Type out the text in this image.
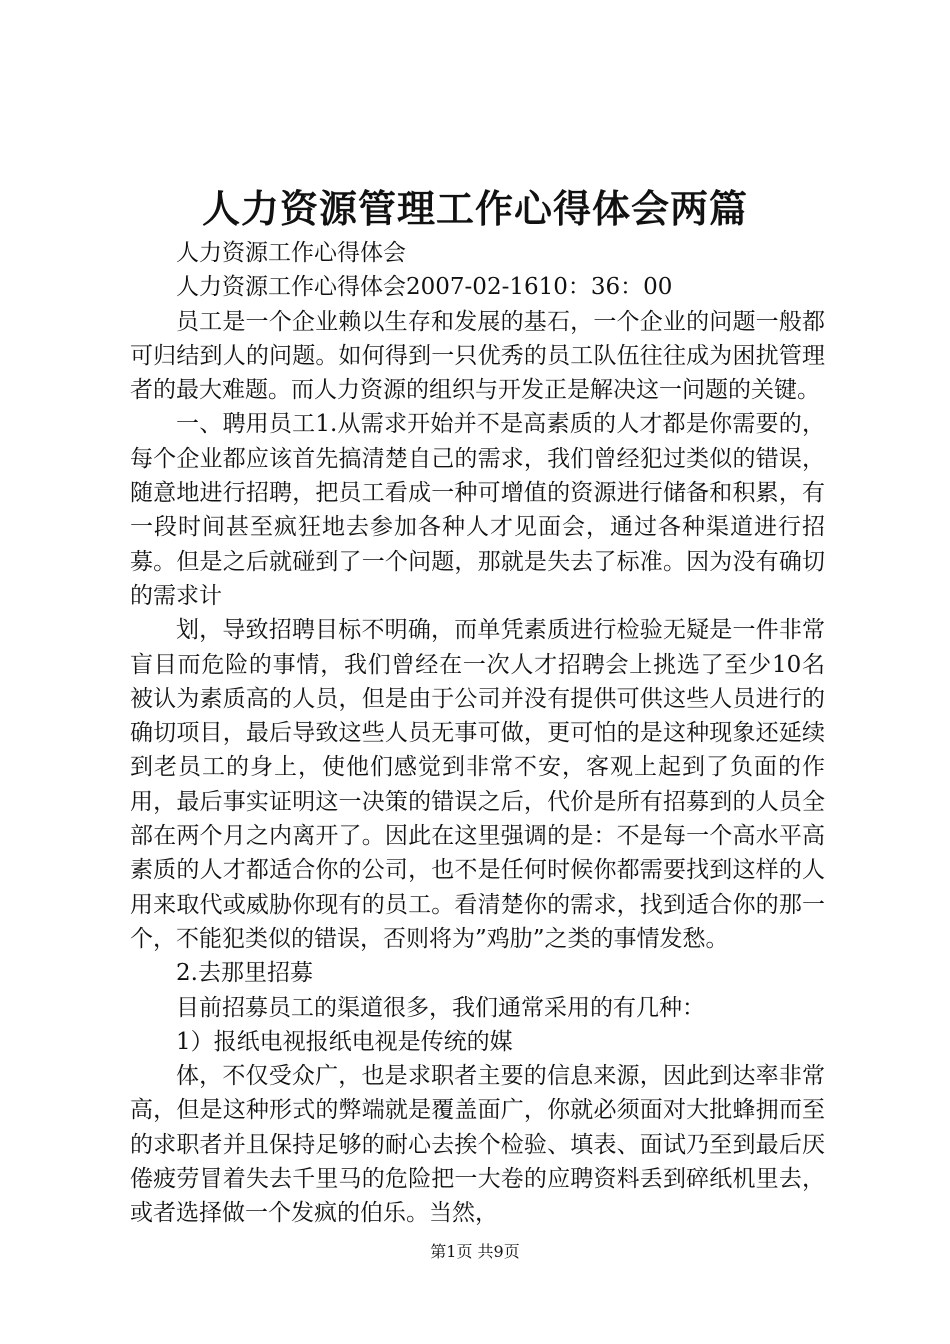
人力资源管理工作心得体会两篇

人力资源工作心得体会

人力资源工作心得体会2007-02-1610：36：00

员工是一个企业赖以生存和发展的基石，一个企业的问题一般都可归结到人的问题。如何得到一只优秀的员工队伍往往成为困扰管理者的最大难题。而人力资源的组织与开发正是解决这一问题的关键。

一、聘用员工1.从需求开始并不是高素质的人才都是你需要的，每个企业都应该首先搞清楚自己的需求，我们曾经犯过类似的错误，随意地进行招聘，把员工看成一种可增值的资源进行储备和积累，有一段时间甚至疯狂地去参加各种人才见面会，通过各种渠道进行招募。但是之后就碰到了一个问题，那就是失去了标准。因为没有确切的需求计

划，导致招聘目标不明确，而单凭素质进行检验无疑是一件非常盲目而危险的事情，我们曾经在一次人才招聘会上挑选了至少10名被认为素质高的人员，但是由于公司并没有提供可供这些人员进行的确切项目，最后导致这些人员无事可做，更可怕的是这种现象还延续到老员工的身上，使他们感觉到非常不安，客观上起到了负面的作用，最后事实证明这一决策的错误之后，代价是所有招募到的人员全部在两个月之内离开了。因此在这里强调的是：不是每一个高水平高素质的人才都适合你的公司，也不是任何时候你都需要找到这样的人用来取代或威胁你现有的员工。看清楚你的需求，找到适合你的那一个，不能犯类似的错误，否则将为”鸡肋”之类的事情发愁。

2.去那里招募

目前招募员工的渠道很多，我们通常采用的有几种：

1）报纸电视报纸电视是传统的媒

体，不仅受众广，也是求职者主要的信息来源，因此到达率非常高，但是这种形式的弊端就是覆盖面广，你就必须面对大批蜂拥而至的求职者并且保持足够的耐心去挨个检验、填表、面试乃至到最后厌倦疲劳冒着失去千里马的危险把一大卷的应聘资料丢到碎纸机里去，或者选择做一个发疯的伯乐。当然，

第1页 共9页
